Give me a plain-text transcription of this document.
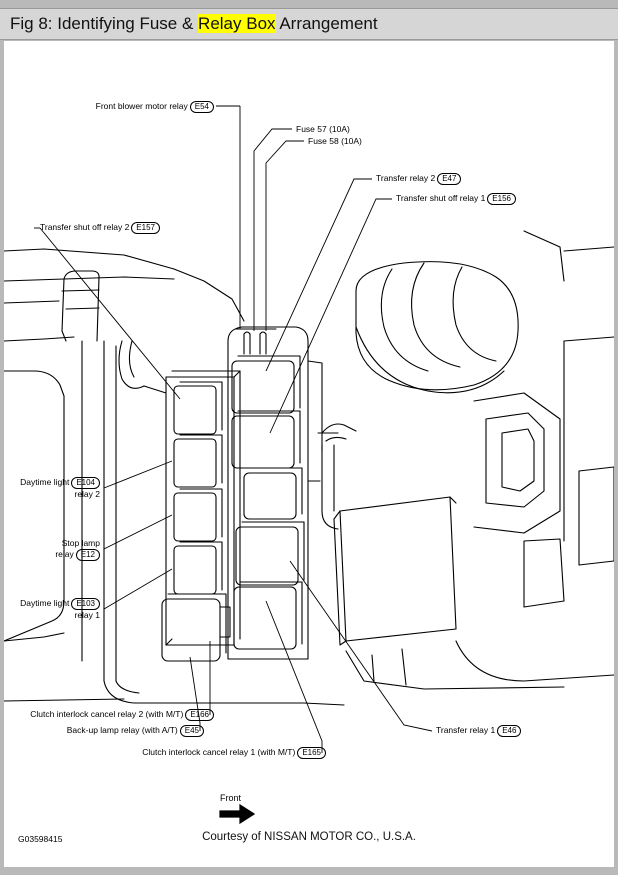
Fig 8: Identifying Fuse & Relay Box Arrangement
Front blower motor relay E54
Fuse 57 (10A)
Fuse 58 (10A)
Transfer relay 2 E47
Transfer shut off relay 1 E156
Transfer shut off relay 2 E157
Daytime light E104
relay 2
Stop lamp
relay E12
Daytime light E103
relay 1
Clutch interlock cancel relay 2 (with M/T) E166
Back-up lamp relay (with A/T) E45
Clutch interlock cancel relay 1 (with M/T) E165
Transfer relay 1 E46
Front
G03598415	Courtesy of NISSAN MOTOR CO., U.S.A.
